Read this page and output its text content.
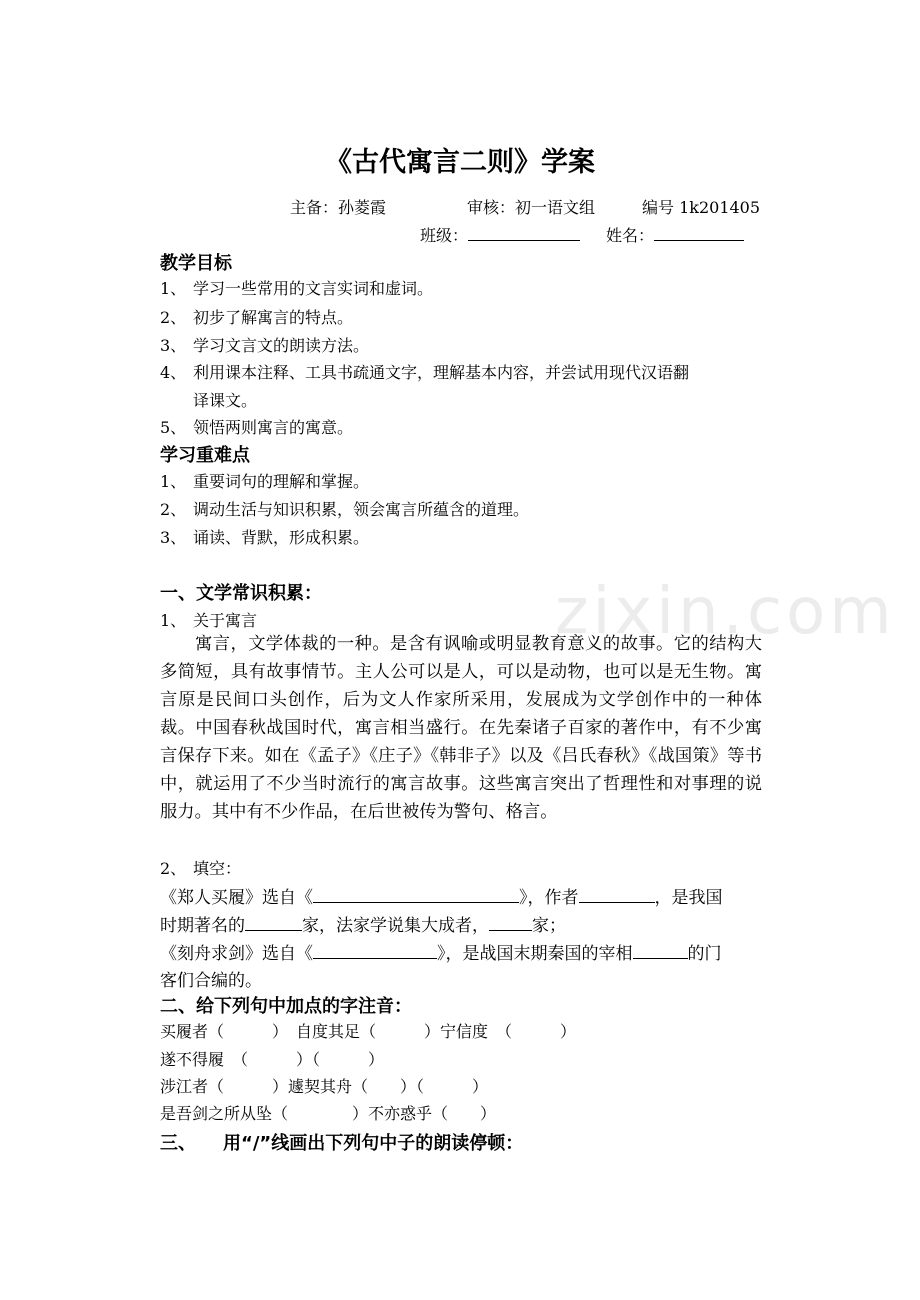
zixin.com
《古代寓言二则》学案
主备：孙菱霞	审核：初一语文组	编号 1k201405
班级：	姓名：
教学目标
1、 学习一些常用的文言实词和虚词。
2、 初步了解寓言的特点。
3、 学习文言文的朗读方法。
4、 利用课本注释、工具书疏通文字，理解基本内容，并尝试用现代汉语翻
译课文。
5、 领悟两则寓言的寓意。
学习重难点
1、 重要词句的理解和掌握。
2、 调动生活与知识积累，领会寓言所蕴含的道理。
3、 诵读、背默，形成积累。
一、文学常识积累：
1、 关于寓言
寓言，文学体裁的一种。是含有讽喻或明显教育意义的故事。它的结构大多简短，具有故事情节。主人公可以是人，可以是动物，也可以是无生物。寓言原是民间口头创作，后为文人作家所采用，发展成为文学创作中的一种体裁。中国春秋战国时代，寓言相当盛行。在先秦诸子百家的著作中，有不少寓言保存下来。如在《孟子》《庄子》《韩非子》以及《吕氏春秋》《战国策》等书中，就运用了不少当时流行的寓言故事。这些寓言突出了哲理性和对事理的说服力。其中有不少作品，在后世被传为警句、格言。
2、 填空：
《郑人买履》选自《	》，作者	，是我国
时期著名的	家，法家学说集大成者，	家；
《刻舟求剑》选自《	》，是战国末期秦国的宰相	的门
客们合编的。
二、给下列句中加点的字注音：
买履者（　　　）　自度其足（　　　）宁信度　（　　　）
遂不得履　（　　　）（　　　）
涉江者（　　　）遽契其舟（　　）（　　　）
是吾剑之所从坠（　　　　）不亦惑乎（　　）
三、　　用“/”线画出下列句中子的朗读停顿：
